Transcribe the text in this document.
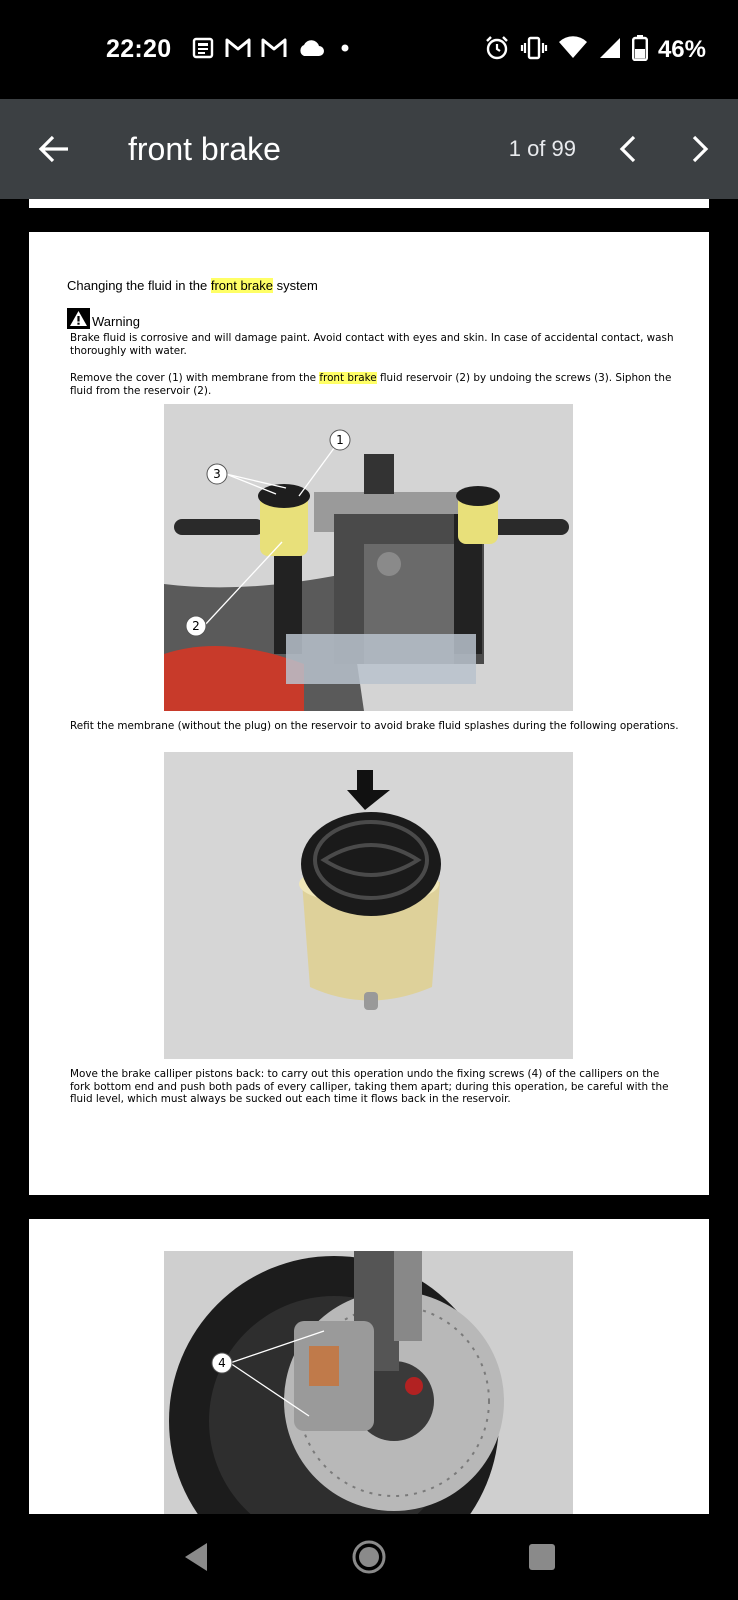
22:20	46%
front brake	1 of 99
Changing the fluid in the front brake system
Warning

Brake fluid is corrosive and will damage paint. Avoid contact with eyes and skin. In case of accidental contact, wash thoroughly with water.

Remove the cover (1) with membrane from the front brake fluid reservoir (2) by undoing the screws (3). Siphon the fluid from the reservoir (2).

1
3
2

Refit the membrane (without the plug) on the reservoir to avoid brake fluid splashes during the following operations.

Move the brake calliper pistons back: to carry out this operation undo the fixing screws (4) of the callipers on the fork bottom end and push both pads of every calliper, taking them apart; during this operation, be careful with the fluid level, which must always be sucked out each time it flows back in the reservoir.

4
